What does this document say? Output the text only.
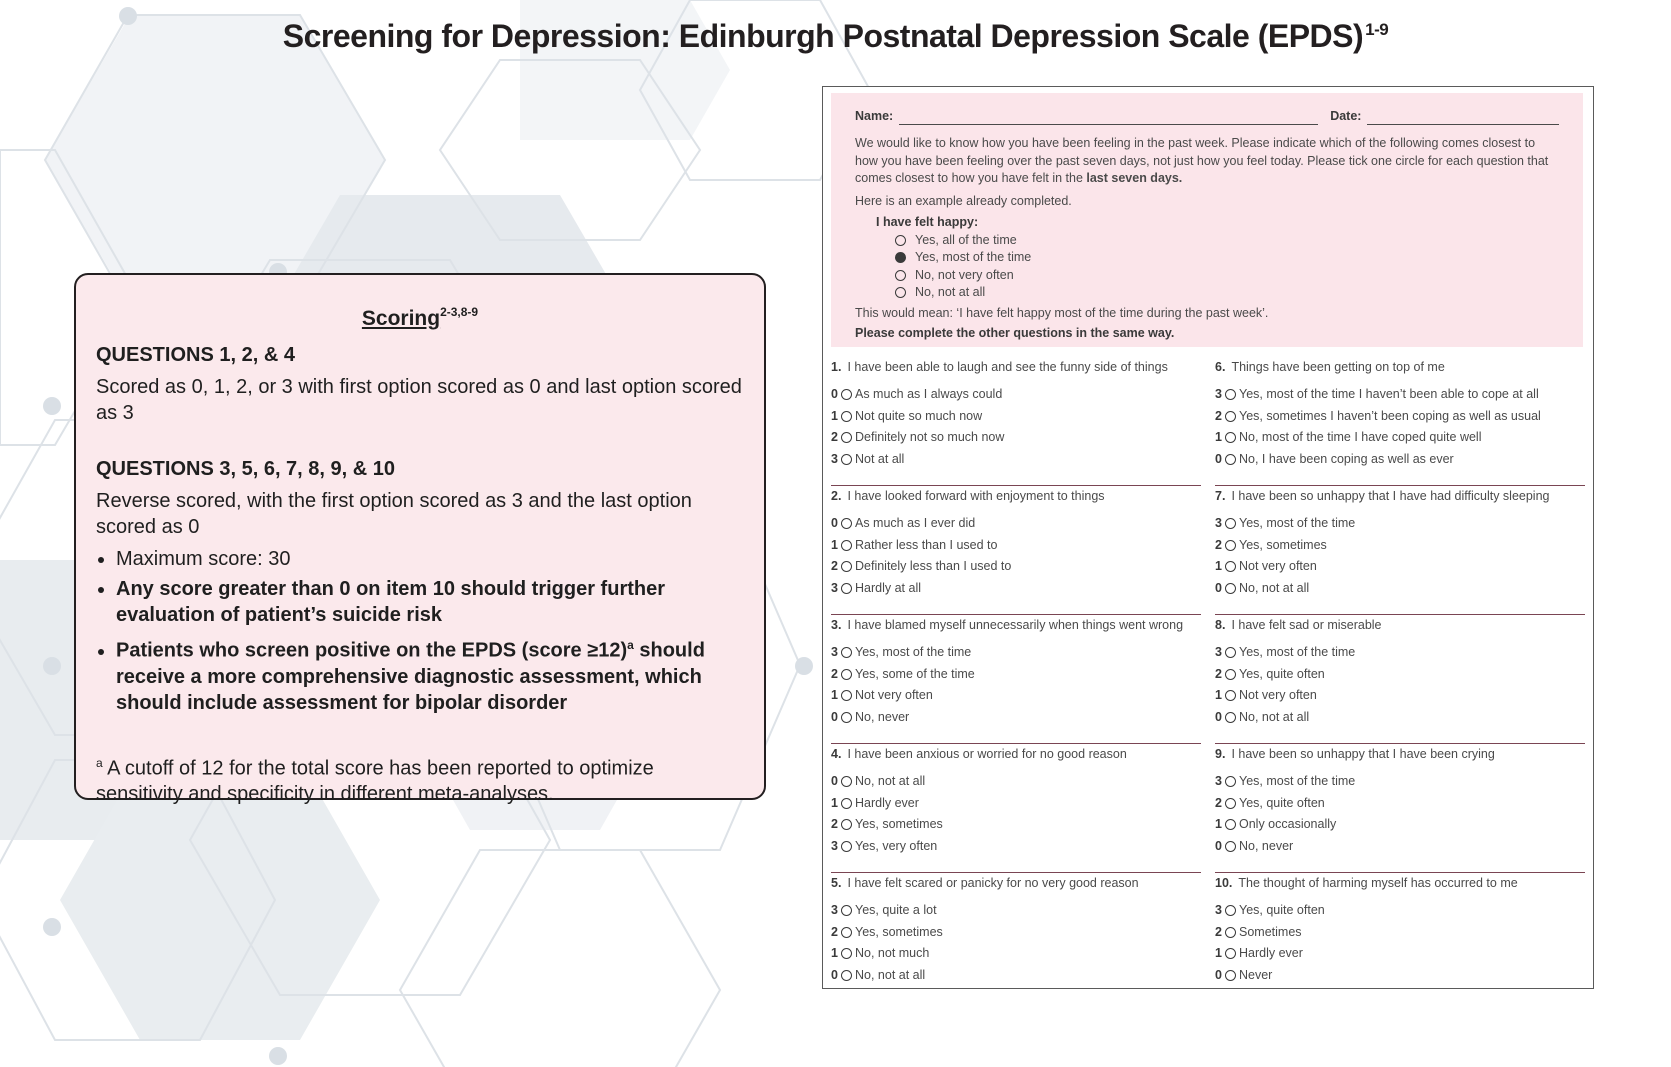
Screening for Depression: Edinburgh Postnatal Depression Scale (EPDS) $^{1-9}$
Scoring$^{2-3,8-9}$
QUESTIONS 1, 2, & 4
Scored as 0, 1, 2, or 3 with first option scored as 0 and last option scored as 3
QUESTIONS 3, 5, 6, 7, 8, 9, & 10
Reverse scored, with the first option scored as 3 and the last option scored as 0
• Maximum score: 30
• Any score greater than 0 on item 10 should trigger further evaluation of patient’s suicide risk
• Patients who screen positive on the EPDS (score ≥12)$^a$ should receive a more comprehensive diagnostic assessment, which should include assessment for bipolar disorder
$^a$ A cutoff of 12 for the total score has been reported to optimize sensitivity and specificity in different meta-analyses.
Name:	Date:

We would like to know how you have been feeling in the past week. Please indicate which of the following comes closest to how you have been feeling over the past seven days, not just how you feel today. Please tick one circle for each question that comes closest to how you have felt in the last seven days.

Here is an example already completed.

I have felt happy:
Yes, all of the time
Yes, most of the time
No, not very often
No, not at all

This would mean: ‘I have felt happy most of the time during the past week’.

Please complete the other questions in the same way.

1. I have been able to laugh and see the funny side of things
0 As much as I always could
1 Not quite so much now
2 Definitely not so much now
3 Not at all
6. Things have been getting on top of me
3 Yes, most of the time I haven’t been able to cope at all
2 Yes, sometimes I haven’t been coping as well as usual
1 No, most of the time I have coped quite well
0 No, I have been coping as well as ever
2. I have looked forward with enjoyment to things
0 As much as I ever did
1 Rather less than I used to
2 Definitely less than I used to
3 Hardly at all
7. I have been so unhappy that I have had difficulty sleeping
3 Yes, most of the time
2 Yes, sometimes
1 Not very often
0 No, not at all
3. I have blamed myself unnecessarily when things went wrong
3 Yes, most of the time
2 Yes, some of the time
1 Not very often
0 No, never
8. I have felt sad or miserable
3 Yes, most of the time
2 Yes, quite often
1 Not very often
0 No, not at all
4. I have been anxious or worried for no good reason
0 No, not at all
1 Hardly ever
2 Yes, sometimes
3 Yes, very often
9. I have been so unhappy that I have been crying
3 Yes, most of the time
2 Yes, quite often
1 Only occasionally
0 No, never
5. I have felt scared or panicky for no very good reason
3 Yes, quite a lot
2 Yes, sometimes
1 No, not much
0 No, not at all
10. The thought of harming myself has occurred to me
3 Yes, quite often
2 Sometimes
1 Hardly ever
0 Never
